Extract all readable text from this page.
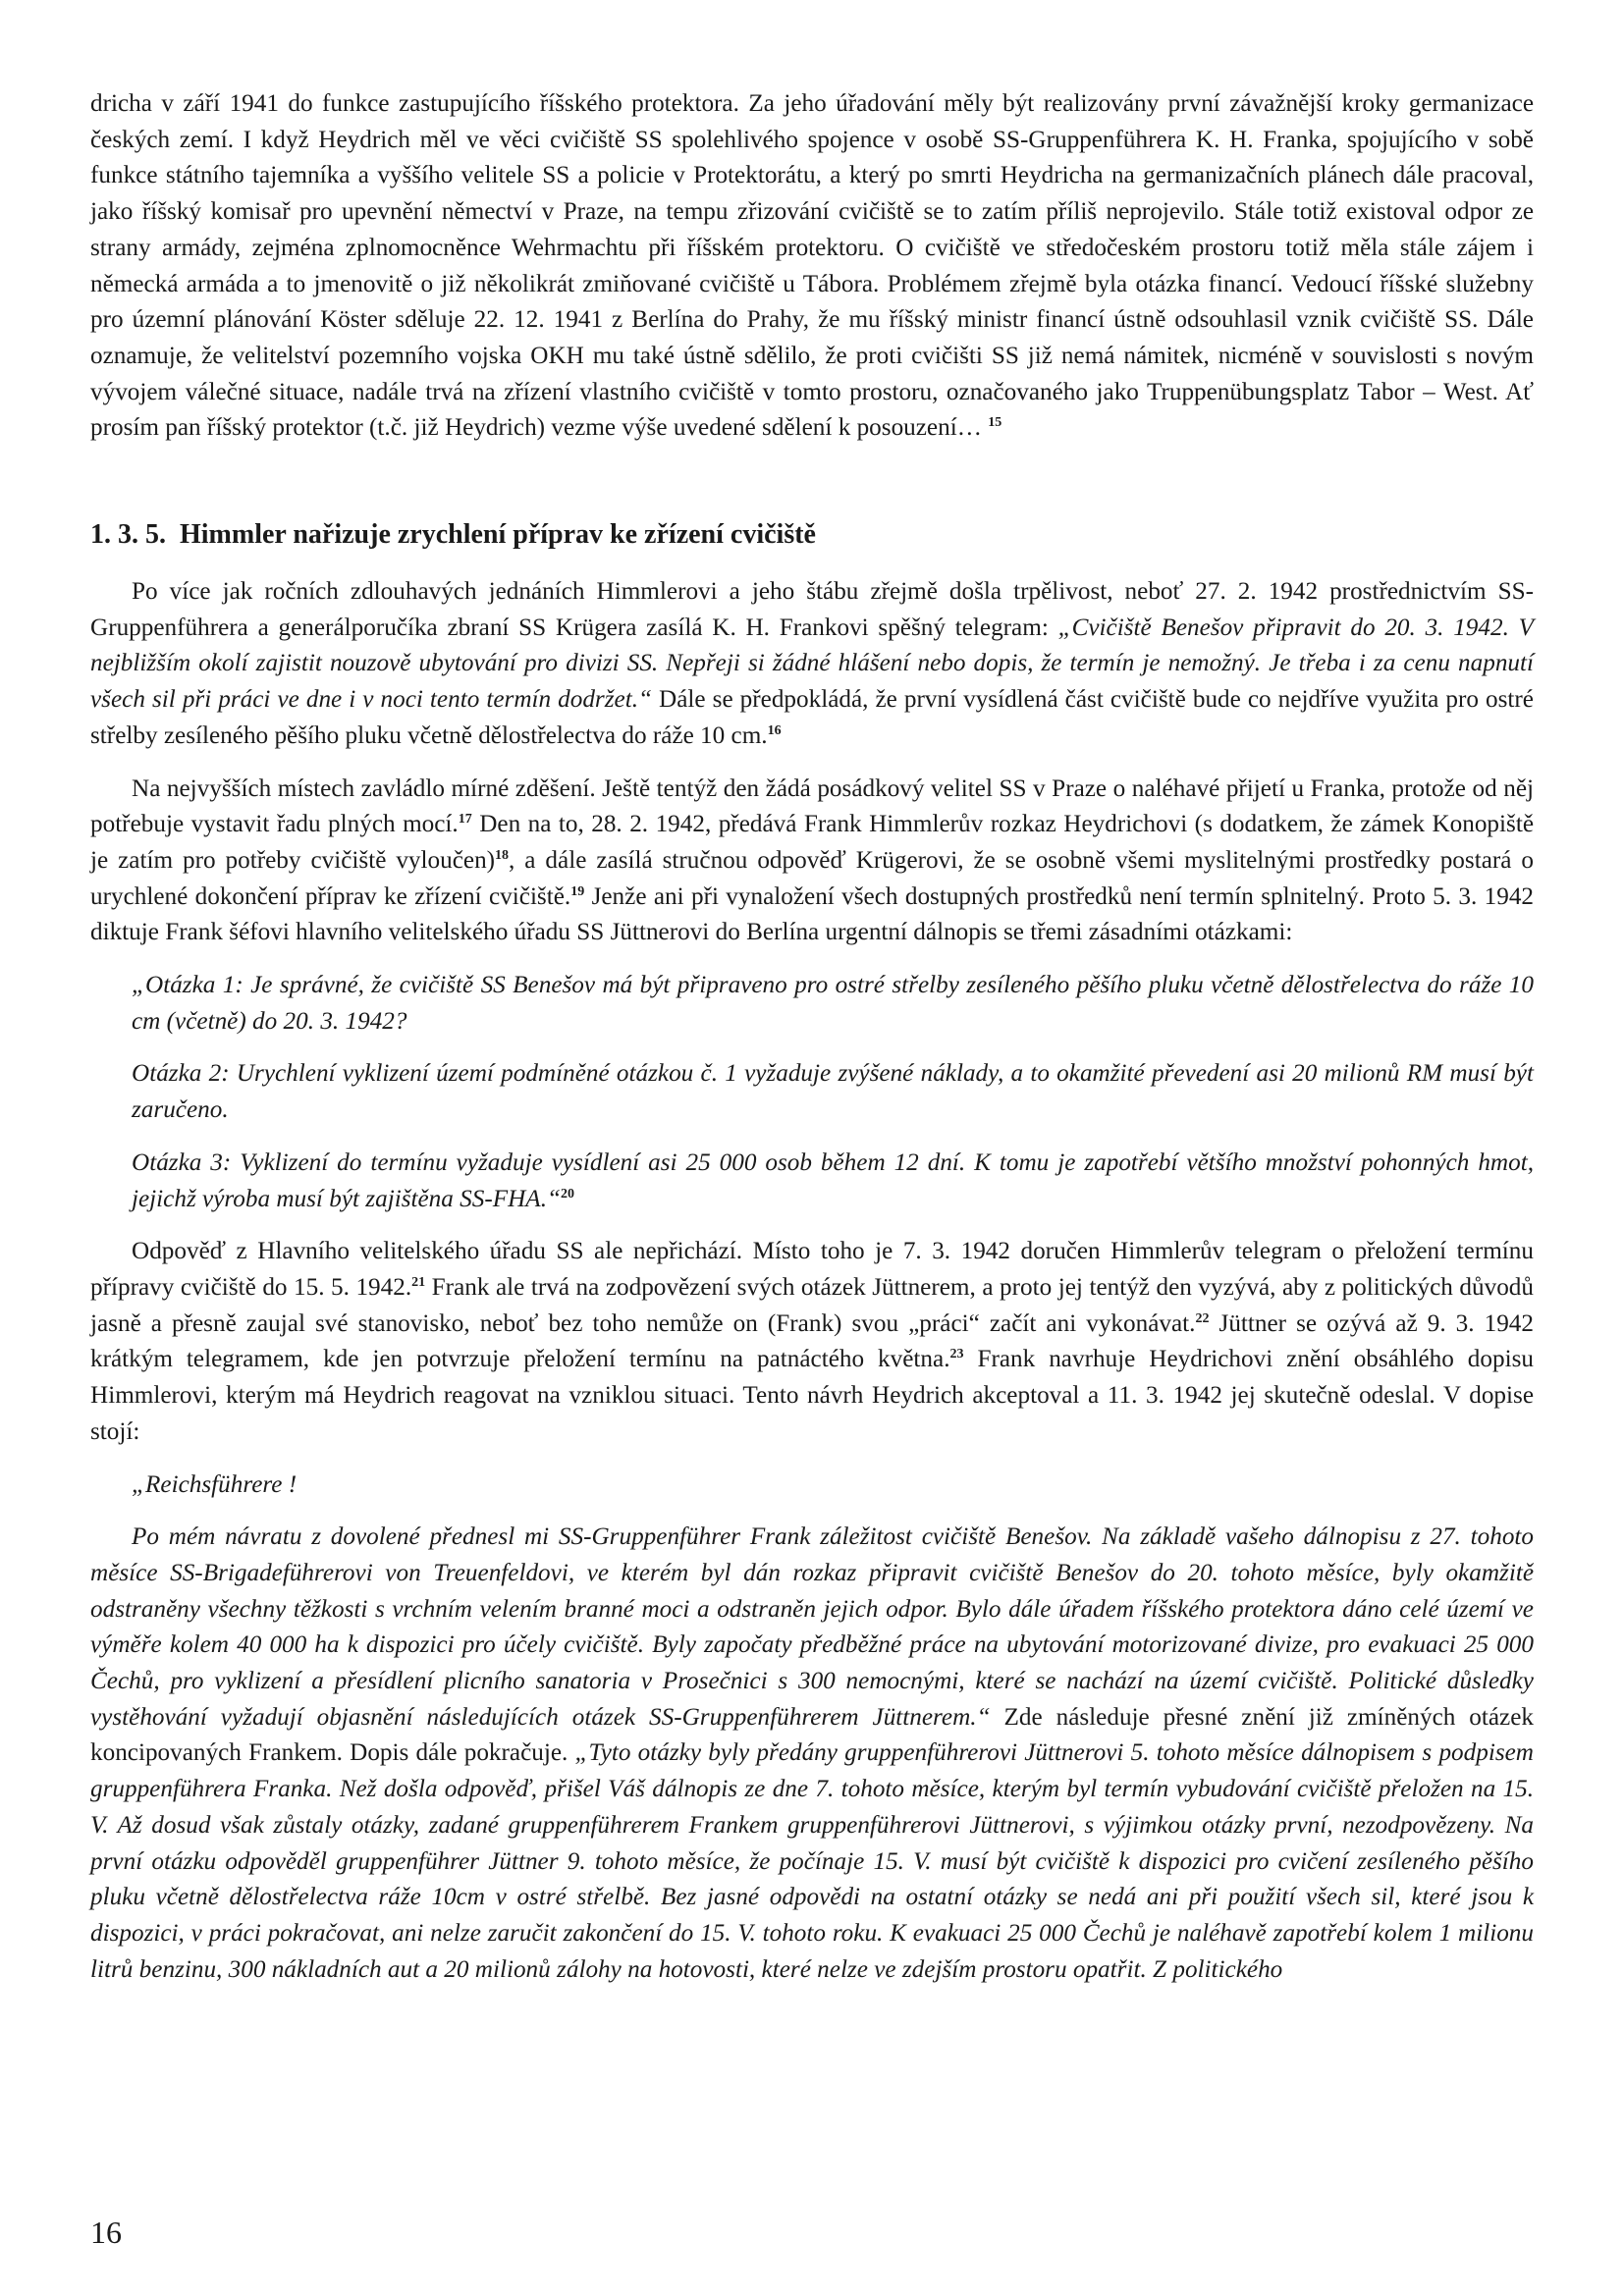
dricha v září 1941 do funkce zastupujícího říšského protektora. Za jeho úřadování měly být realizovány první závažnější kroky germanizace českých zemí. I když Heydrich měl ve věci cvičiště SS spolehlivého spojence v osobě SS-Gruppenführera K. H. Franka, spojujícího v sobě funkce státního tajemníka a vyššího velitele SS a policie v Protektorátu, a který po smrti Heydricha na germanizačních plánech dále pracoval, jako říšský komisař pro upevnění němectví v Praze, na tempu zřizování cvičiště se to zatím příliš neprojevilo. Stále totiž existoval odpor ze strany armády, zejména zplnomocněnce Wehrmachtu při říšském protektoru. O cvičiště ve středočeském prostoru totiž měla stále zájem i německá armáda a to jmenovitě o již několikrát zmiňované cvičiště u Tábora. Problémem zřejmě byla otázka financí. Vedoucí říšské služebny pro územní plánování Köster sděluje 22. 12. 1941 z Berlína do Prahy, že mu říšský ministr financí ústně odsouhlasil vznik cvičiště SS. Dále oznamuje, že velitelství pozemního vojska OKH mu také ústně sdělilo, že proti cvičišti SS již nemá námitek, nicméně v souvislosti s novým vývojem válečné situace, nadále trvá na zřízení vlastního cvičiště v tomto prostoru, označovaného jako Truppenübungsplatz Tabor – West. Ať prosím pan říšský protektor (t.č. již Heydrich) vezme výše uvedené sdělení k posouzení… $^{15}$

1. 3. 5. Himmler nařizuje zrychlení příprav ke zřízení cvičiště

Po více jak ročních zdlouhavých jednáních Himmlerovi a jeho štábu zřejmě došla trpělivost, neboť 27. 2. 1942 prostřednictvím SS-Gruppenführera a generálporučíka zbraní SS Krügera zasílá K. H. Frankovi spěšný telegram: „Cvičiště Benešov připravit do 20. 3. 1942. V nejbližším okolí zajistit nouzově ubytování pro divizi SS. Nepřeji si žádné hlášení nebo dopis, že termín je nemožný. Je třeba i za cenu napnutí všech sil při práci ve dne i v noci tento termín dodržet.“ Dále se předpokládá, že první vysídlená část cvičiště bude co nejdříve využita pro ostré střelby zesíleného pěšího pluku včetně dělostřelectva do ráže 10 cm.$^{16}$

Na nejvyšších místech zavládlo mírné zděšení. Ještě tentýž den žádá posádkový velitel SS v Praze o naléhavé přijetí u Franka, protože od něj potřebuje vystavit řadu plných mocí.$^{17}$ Den na to, 28. 2. 1942, předává Frank Himmlerův rozkaz Heydrichovi (s dodatkem, že zámek Konopiště je zatím pro potřeby cvičiště vyloučen)$^{18}$, a dále zasílá stručnou odpověď Krügerovi, že se osobně všemi myslitelnými prostředky postará o urychlené dokončení příprav ke zřízení cvičiště.$^{19}$ Jenže ani při vynaložení všech dostupných prostředků není termín splnitelný. Proto 5. 3. 1942 diktuje Frank šéfovi hlavního velitelského úřadu SS Jüttnerovi do Berlína urgentní dálnopis se třemi zásadními otázkami:

„Otázka 1: Je správné, že cvičiště SS Benešov má být připraveno pro ostré střelby zesíleného pěšího pluku včetně dělostřelectva do ráže 10 cm (včetně) do 20. 3. 1942?

Otázka 2: Urychlení vyklizení území podmíněné otázkou č. 1 vyžaduje zvýšené náklady, a to okamžité převedení asi 20 milionů RM musí být zaručeno.

Otázka 3: Vyklizení do termínu vyžaduje vysídlení asi 25 000 osob během 12 dní. K tomu je zapotřebí většího množství pohonných hmot, jejichž výroba musí být zajištěna SS-FHA.“$^{20}$

Odpověď z Hlavního velitelského úřadu SS ale nepřichází. Místo toho je 7. 3. 1942 doručen Himmlerův telegram o přeložení termínu přípravy cvičiště do 15. 5. 1942.21 Frank ale trvá na zodpovězení svých otázek Jüttnerem, a proto jej tentýž den vyzývá, aby z politických důvodů jasně a přesně zaujal své stanovisko, neboť bez toho nemůže on (Frank) svou „práci“ začít ani vykonávat.$^{22}$ Jüttner se ozývá až 9. 3. 1942 krátkým telegramem, kde jen potvrzuje přeložení termínu na patnáctého května.$^{23}$ Frank navrhuje Heydrichovi znění obsáhlého dopisu Himmlerovi, kterým má Heydrich reagovat na vzniklou situaci. Tento návrh Heydrich akceptoval a 11. 3. 1942 jej skutečně odeslal. V dopise stojí:

„Reichsführere !

Po mém návratu z dovolené přednesl mi SS-Gruppenführer Frank záležitost cvičiště Benešov. Na základě vašeho dálnopisu z 27. tohoto měsíce SS-Brigadeführerovi von Treuenfeldovi, ve kterém byl dán rozkaz připravit cvičiště Benešov do 20. tohoto měsíce, byly okamžitě odstraněny všechny těžkosti s vrchním velením branné moci a odstraněn jejich odpor. Bylo dále úřadem říšského protektora dáno celé území ve výměře kolem 40 000 ha k dispozici pro účely cvičiště. Byly započaty předběžné práce na ubytování motorizované divize, pro evakuaci 25 000 Čechů, pro vyklizení a přesídlení plicního sanatoria v Prosečnici s 300 nemocnými, které se nachází na území cvičiště. Politické důsledky vystěhování vyžadují objasnění následujících otázek SS-Gruppenführerem Jüttnerem.“ Zde následuje přesné znění již zmíněných otázek koncipovaných Frankem. Dopis dále pokračuje. „Tyto otázky byly předány gruppenführerovi Jüttnerovi 5. tohoto měsíce dálnopisem s podpisem gruppenführera Franka. Než došla odpověď, přišel Váš dálnopis ze dne 7. tohoto měsíce, kterým byl termín vybudování cvičiště přeložen na 15. V. Až dosud však zůstaly otázky, zadané gruppenführerem Frankem gruppenführerovi Jüttnerovi, s výjimkou otázky první, nezodpovězeny. Na první otázku odpověděl gruppenführer Jüttner 9. tohoto měsíce, že počínaje 15. V. musí být cvičiště k dispozici pro cvičení zesíleného pěšího pluku včetně dělostřelectva ráže 10cm v ostré střelbě. Bez jasné odpovědi na ostatní otázky se nedá ani při použití všech sil, které jsou k dispozici, v práci pokračovat, ani nelze zaručit zakončení do 15. V. tohoto roku. K evakuaci 25 000 Čechů je naléhavě zapotřebí kolem 1 milionu litrů benzinu, 300 nákladních aut a 20 milionů zálohy na hotovosti, které nelze ve zdejším prostoru opatřit. Z politického

16
